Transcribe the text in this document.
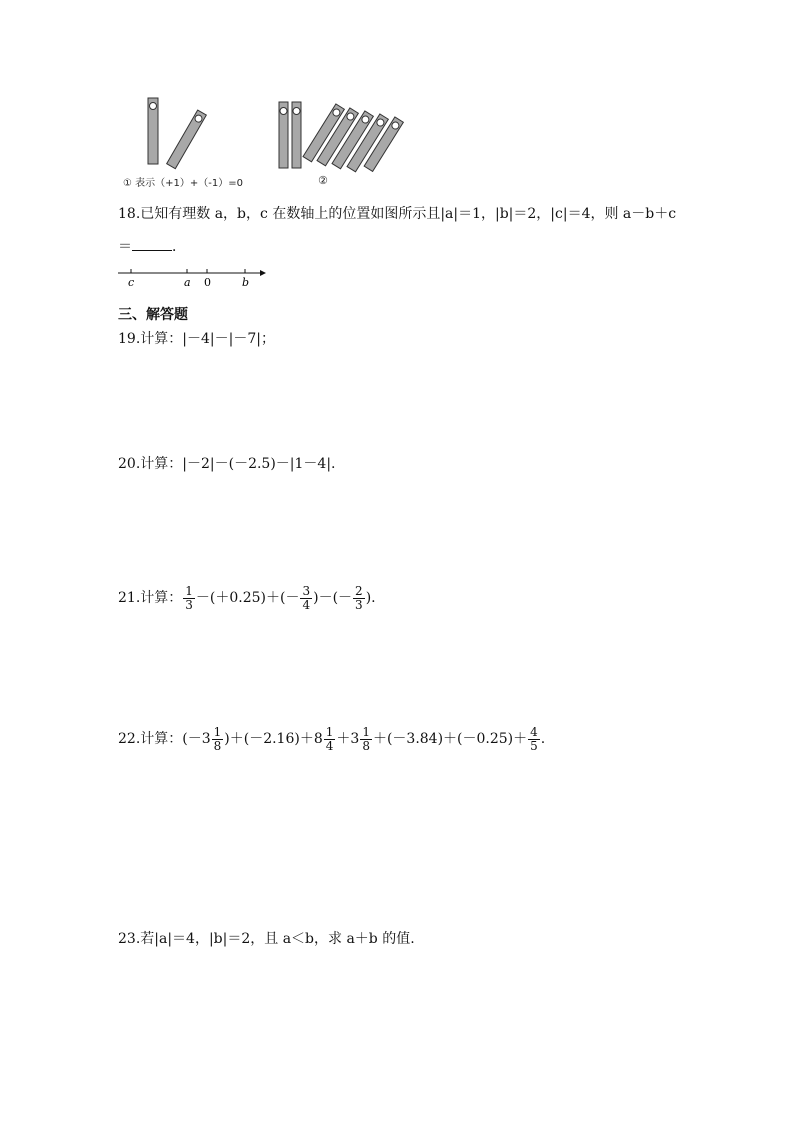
① 表示（+1）+（-1）=0	②
18.已知有理数 a，b，c 在数轴上的位置如图所示且|a|＝1，|b|＝2，|c|＝4，则 a－b＋c
＝	．
c	a 0	b
三、解答题
19.计算：|－4|－|－7|；
20.计算：|－2|－(－2.5)－|1－4|.
21.计算： $\frac{1}{3} -(+0.25)+(- \frac{3}{4}$ )－(－ $\frac{2}{3}$ ).
22.计算：$(-3 \frac{1}{8} )+(-2.16)+8 \frac{1}{4} +3 \frac{1}{8} +(-3.84)+(-0.25)+ \frac{4}{5}$ .
23.若|a|＝4，|b|＝2，且 a＜b，求 a＋b 的值.
